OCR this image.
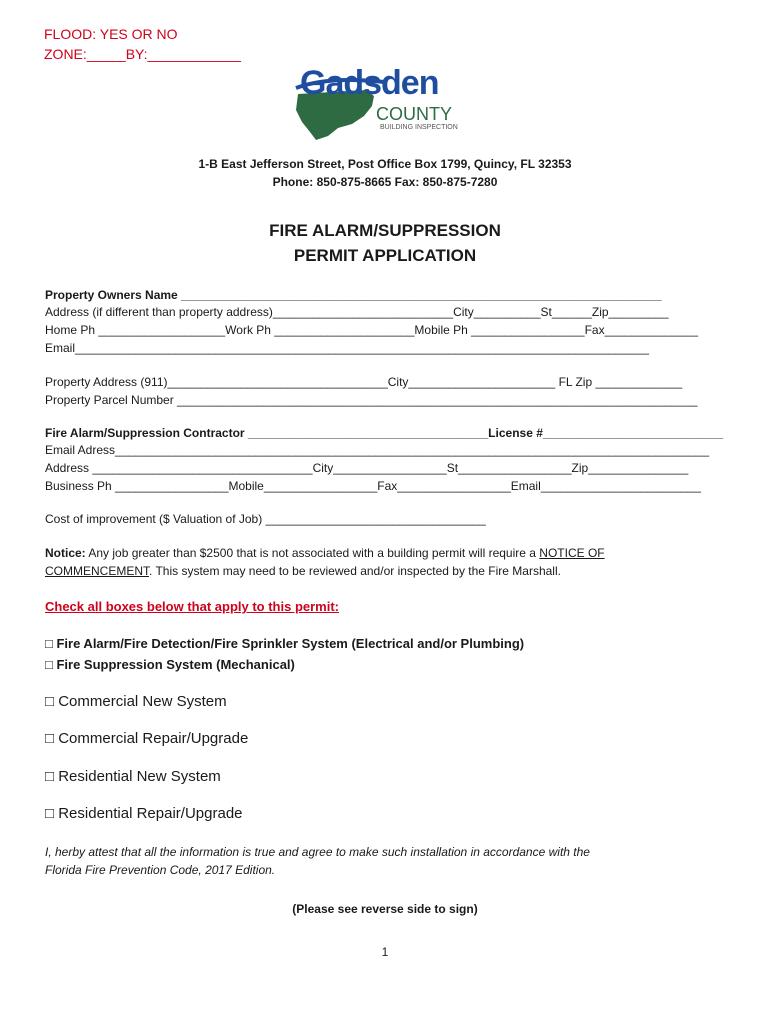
FLOOD: YES OR NO
ZONE:_____BY:____________
Gadsden
COUNTY
BUILDING INSPECTION
1-B East Jefferson Street, Post Office Box 1799, Quincy, FL 32353
Phone: 850-875-8665 Fax: 850-875-7280
FIRE ALARM/SUPPRESSION
PERMIT APPLICATION
Property Owners Name ________________________________________________________________________
Address (if different than property address)___________________________City__________St______Zip_________
Home Ph ___________________Work Ph _____________________Mobile Ph _________________Fax______________
Email______________________________________________________________________________________
Property Address (911)_________________________________City______________________ FL Zip _____________
Property Parcel Number ______________________________________________________________________________
Fire Alarm/Suppression Contractor ____________________________________License #___________________________
Email Adress_________________________________________________________________________________________
Address _________________________________City_________________St_________________Zip_______________
Business Ph _________________Mobile_________________Fax_________________Email________________________
Cost of improvement ($ Valuation of Job) _________________________________
Notice: Any job greater than $2500 that is not associated with a building permit will require a NOTICE OF
COMMENCEMENT. This system may need to be reviewed and/or inspected by the Fire Marshall.
Check all boxes below that apply to this permit:
□ Fire Alarm/Fire Detection/Fire Sprinkler System (Electrical and/or Plumbing)
□ Fire Suppression System (Mechanical)
□ Commercial New System
□ Commercial Repair/Upgrade
□ Residential New System
□ Residential Repair/Upgrade
I, herby attest that all the information is true and agree to make such installation in accordance with the
Florida Fire Prevention Code, 2017 Edition.
(Please see reverse side to sign)
1
